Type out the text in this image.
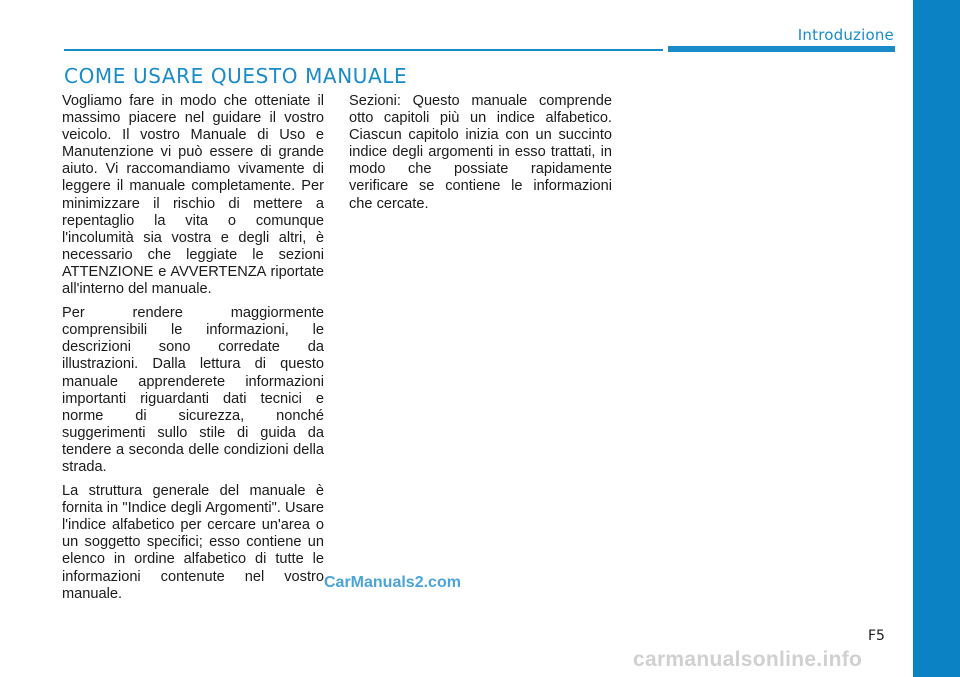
Introduzione
COME USARE QUESTO MANUALE

Vogliamo fare in modo che otteniate il massimo piacere nel guidare il vostro veicolo. Il vostro Manuale di Uso e Manutenzione vi può essere di grande aiuto. Vi raccomandiamo vivamente di leggere il manuale completamente. Per minimizzare il rischio di mettere a repentaglio la vita o comunque l'incolumità sia vostra e degli altri, è necessario che leggiate le sezioni ATTENZIONE e AVVERTENZA riportate all'interno del manuale.

Per rendere maggiormente comprensibili le informazioni, le descrizioni sono corredate da illustrazioni. Dalla lettura di questo manuale apprenderete informazioni importanti riguardanti dati tecnici e norme di sicurezza, nonché suggerimenti sullo stile di guida da tendere a seconda delle condizioni della strada.

La struttura generale del manuale è fornita in "Indice degli Argomenti". Usare l'indice alfabetico per cercare un'area o un soggetto specifici; esso contiene un elenco in ordine alfabetico di tutte le informazioni contenute nel vostro manuale.

Sezioni: Questo manuale comprende otto capitoli più un indice alfabetico. Ciascun capitolo inizia con un succinto indice degli argomenti in esso trattati, in modo che possiate rapidamente verificare se contiene le informazioni che cercate.

CarManuals2.com
carmanualsonline.info
F5
